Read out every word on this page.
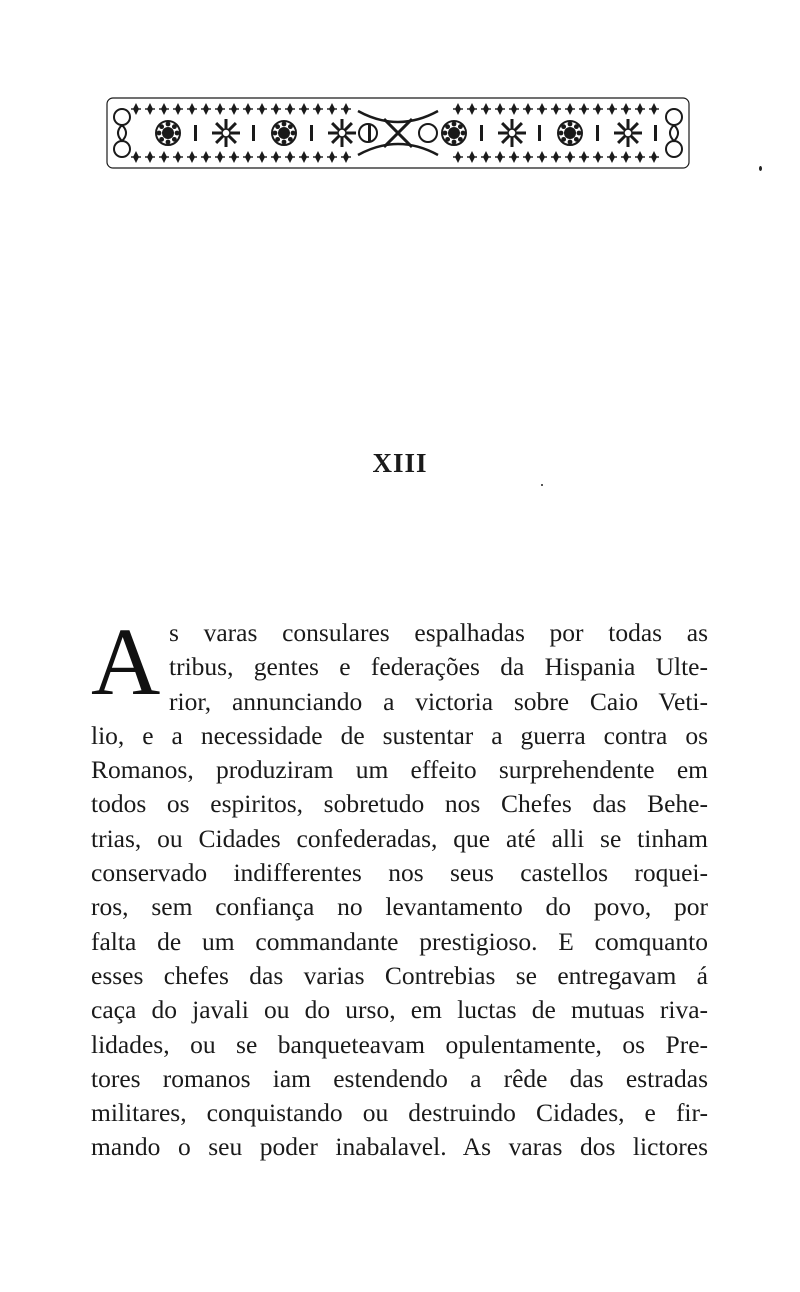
XIII
A s varas consulares espalhadas por todas as
tribus, gentes e federações da Hispania Ulte-
rior, annunciando a victoria sobre Caio Veti-
lio, e a necessidade de sustentar a guerra contra os
Romanos, produziram um effeito surprehendente em
todos os espiritos, sobretudo nos Chefes das Behe-
trias, ou Cidades confederadas, que até alli se tinham
conservado indifferentes nos seus castellos roquei-
ros, sem confiança no levantamento do povo, por
falta de um commandante prestigioso. E comquanto
esses chefes das varias Contrebias se entregavam á
caça do javali ou do urso, em luctas de mutuas riva-
lidades, ou se banqueteavam opulentamente, os Pre-
tores romanos iam estendendo a rêde das estradas
militares, conquistando ou destruindo Cidades, e fir-
mando o seu poder inabalavel. As varas dos lictores
